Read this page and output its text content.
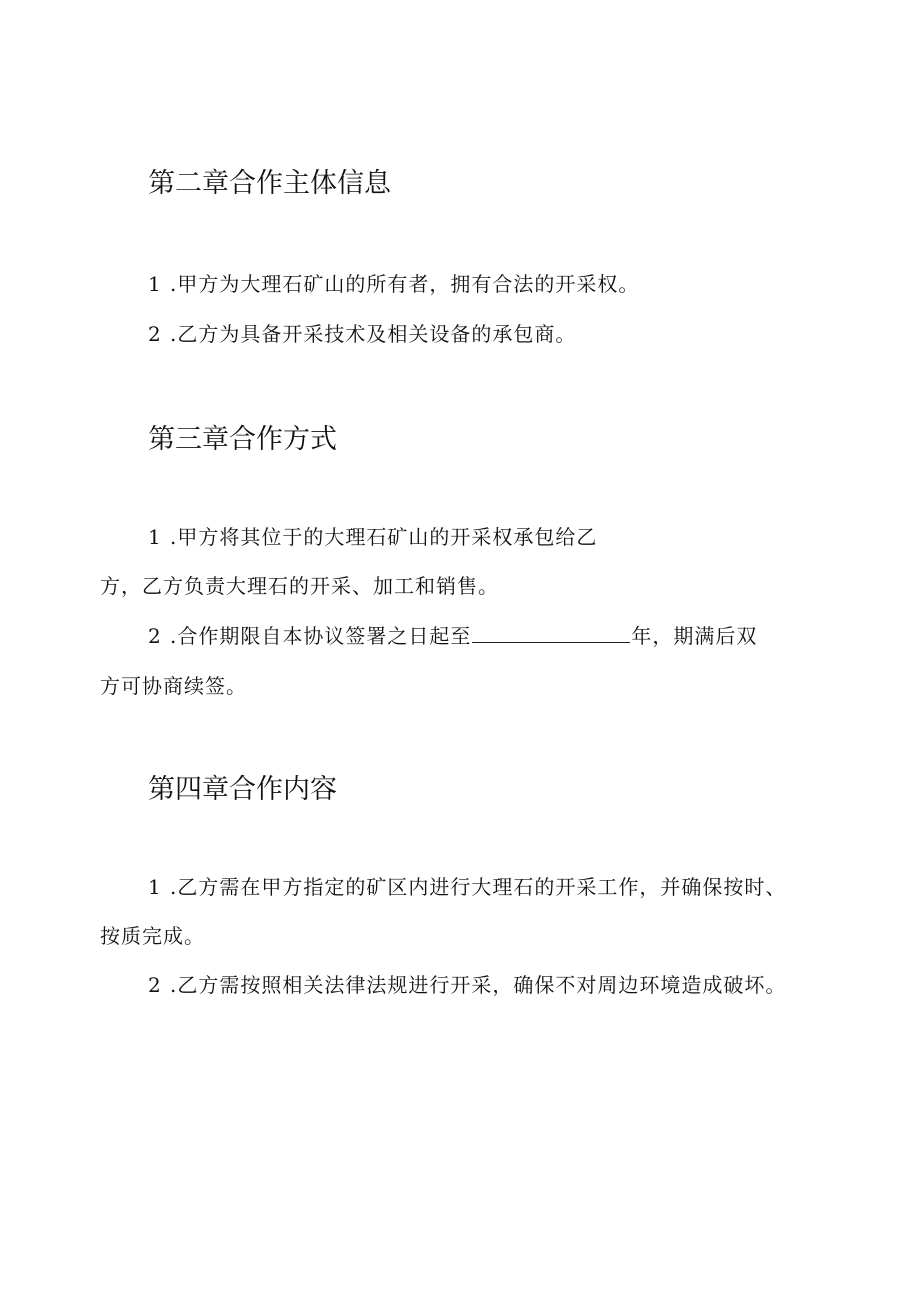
第二章合作主体信息

1 .甲方为大理石矿山的所有者，拥有合法的开采权。

2 .乙方为具备开采技术及相关设备的承包商。

第三章合作方式

1 .甲方将其位于的大理石矿山的开采权承包给乙

方，乙方负责大理石的开采、加工和销售。

2 .合作期限自本协议签署之日起至	年，期满后双

方可协商续签。

第四章合作内容

1 .乙方需在甲方指定的矿区内进行大理石的开采工作，并确保按时、

按质完成。

2 .乙方需按照相关法律法规进行开采，确保不对周边环境造成破坏。
